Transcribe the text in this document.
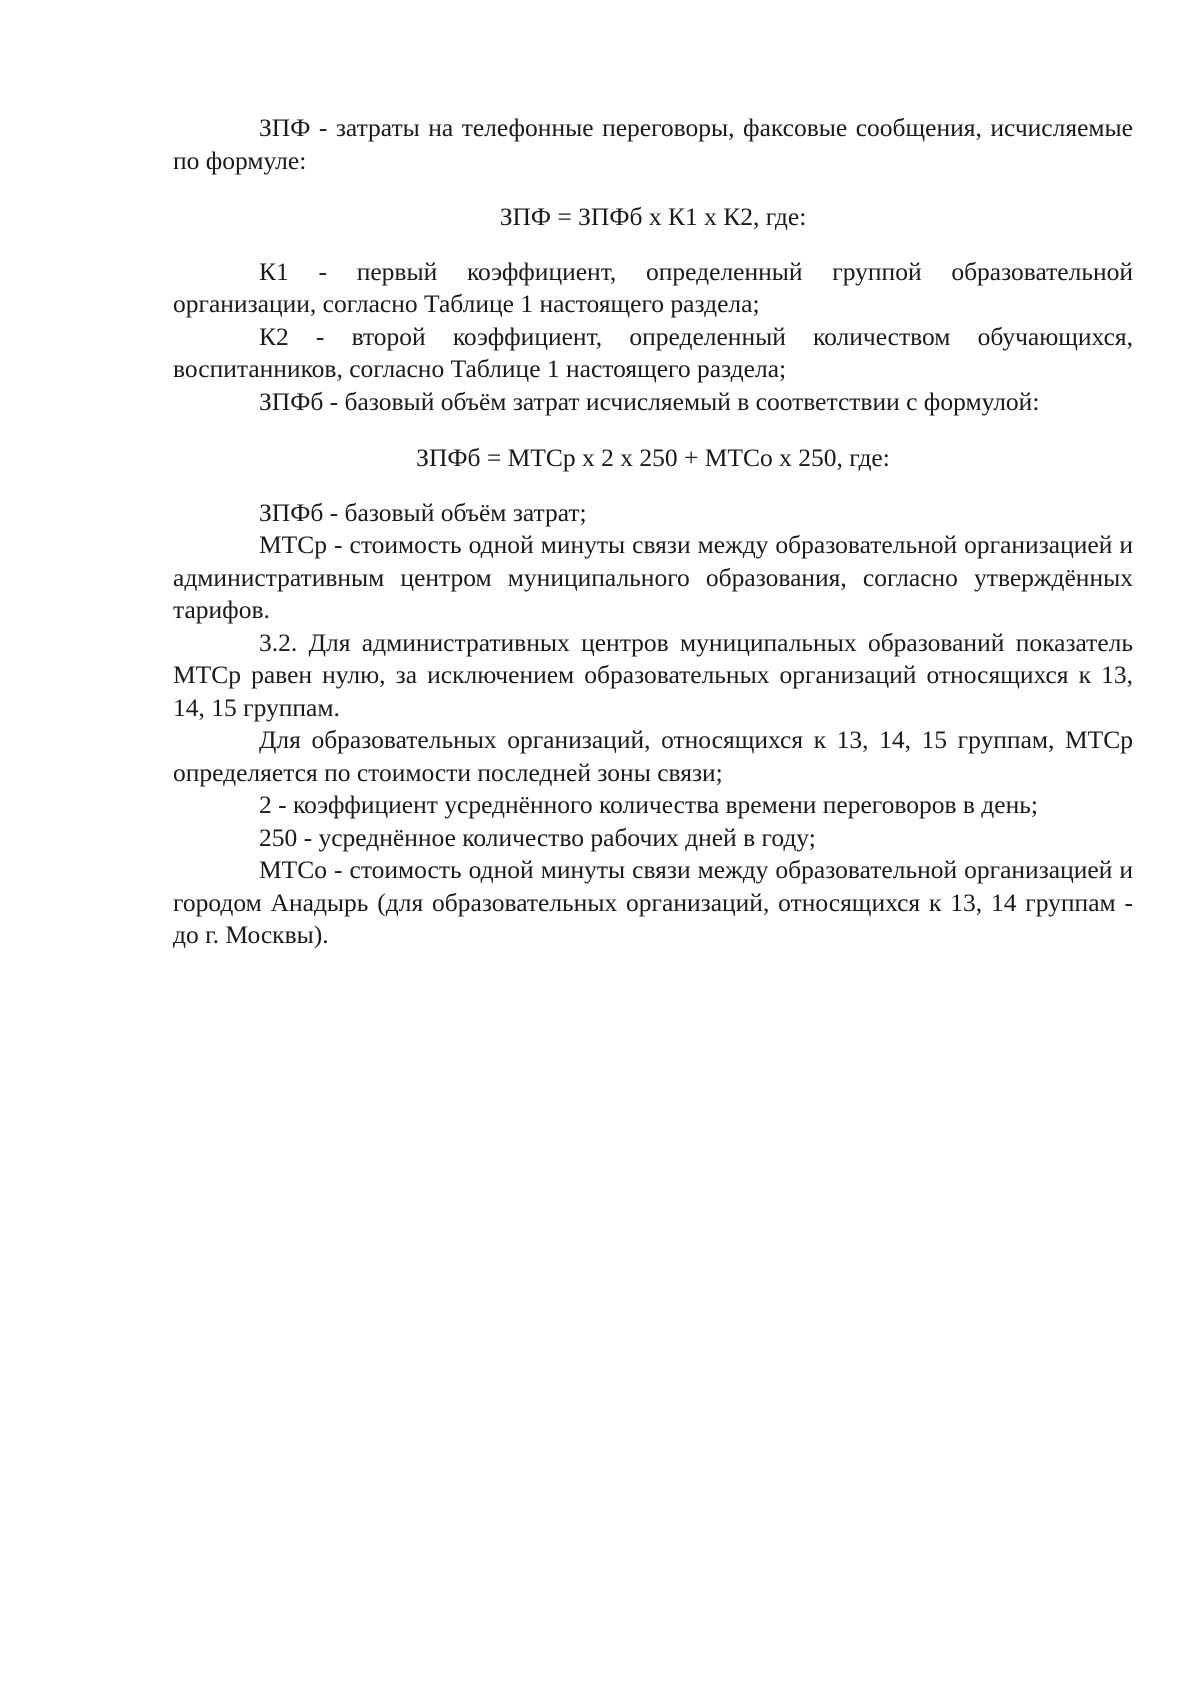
ЗПФ - затраты на телефонные переговоры, факсовые сообщения, исчисляемые по формуле:

ЗПФ = ЗПФб х К1 х К2, где:

К1 - первый коэффициент, определенный группой образовательной организации, согласно Таблице 1 настоящего раздела;

К2 - второй коэффициент, определенный количеством обучающихся, воспитанников, согласно Таблице 1 настоящего раздела;

ЗПФб - базовый объём затрат исчисляемый в соответствии с формулой:

ЗПФб = МТСр х 2 х 250 + МТСо х 250, где:

ЗПФб - базовый объём затрат;

МТСр - стоимость одной минуты связи между образовательной организацией и административным центром муниципального образования, согласно утверждённых тарифов.

3.2. Для административных центров муниципальных образований показатель МТСр равен нулю, за исключением образовательных организаций относящихся к 13, 14, 15 группам.

Для образовательных организаций, относящихся к 13, 14, 15 группам, МТСр определяется по стоимости последней зоны связи;

2 - коэффициент усреднённого количества времени переговоров в день;

250 - усреднённое количество рабочих дней в году;

МТСо - стоимость одной минуты связи между образовательной организацией и городом Анадырь (для образовательных организаций, относящихся к 13, 14 группам - до г. Москвы).
